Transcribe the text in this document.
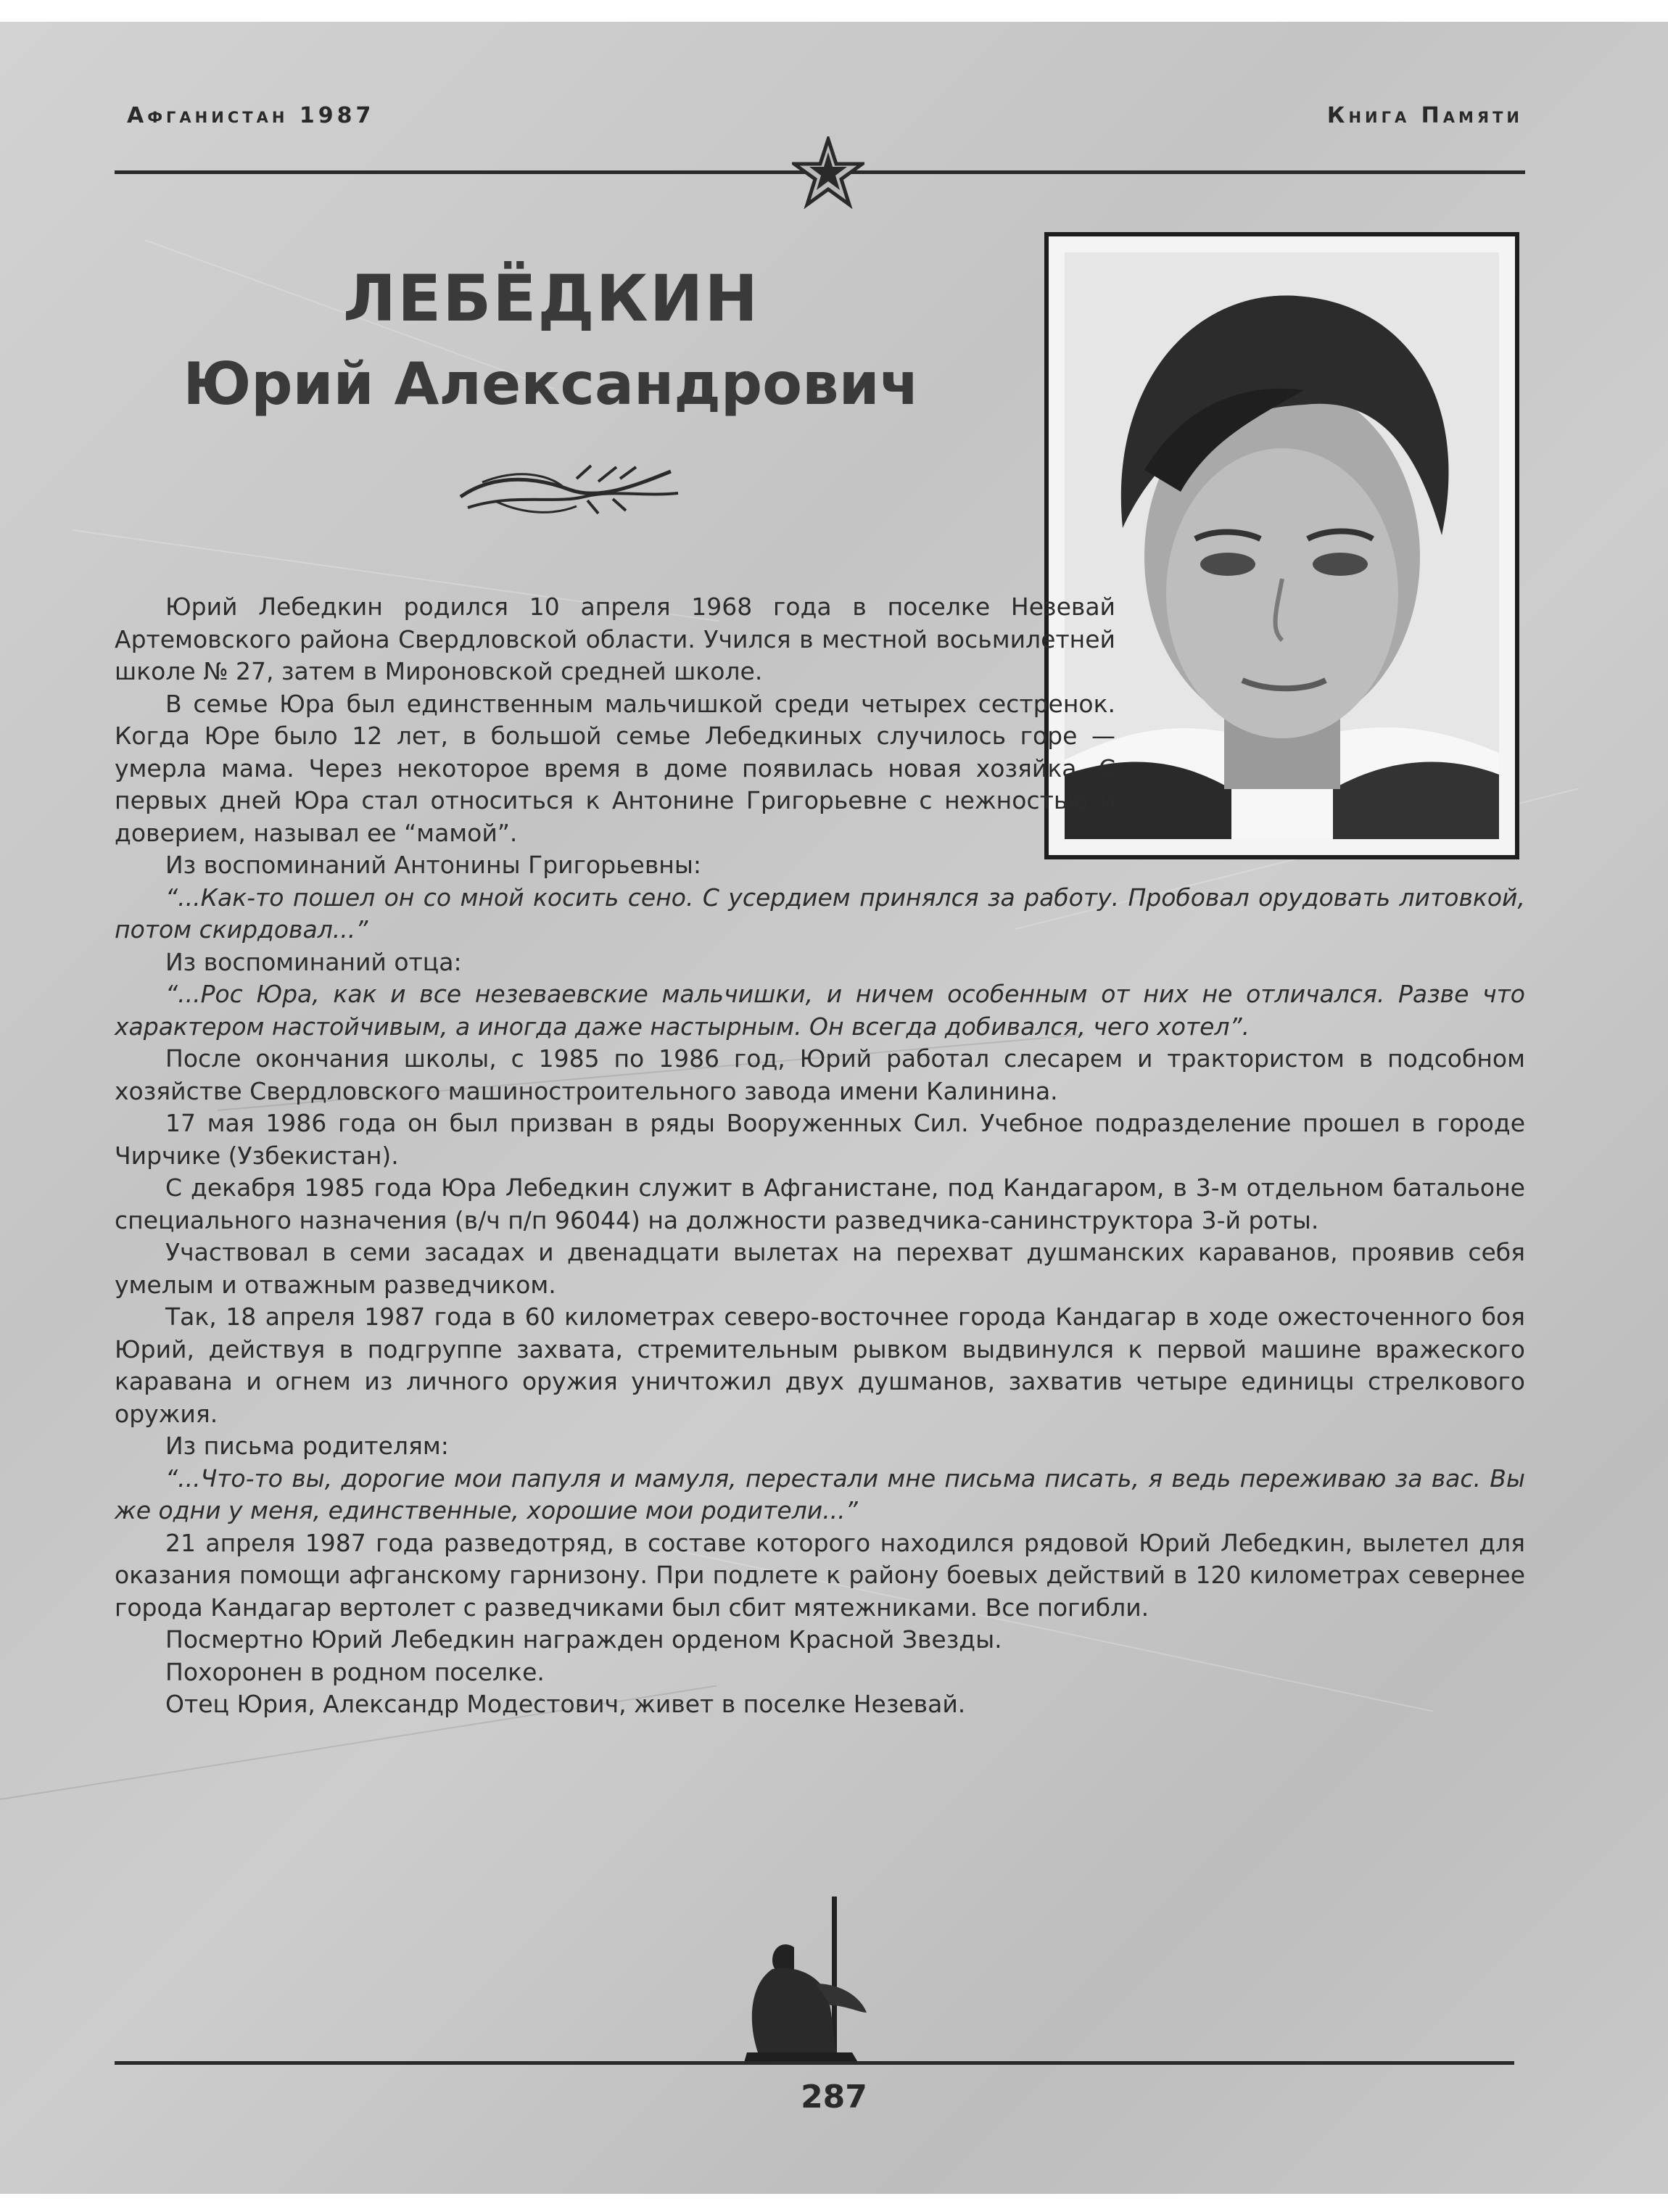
Афганистан 1987	Книга Памяти
ЛЕБЁДКИН
Юрий Александрович

Юрий Лебедкин родился 10 апреля 1968 года в поселке Незевай Артемовского района Свердловской области. Учился в местной восьмилетней школе № 27, затем в Мироновской средней школе.

В семье Юра был единственным мальчишкой среди четырех сестренок. Когда Юре было 12 лет, в большой семье Лебедкиных случилось горе — умерла мама. Через некоторое время в доме появилась новая хозяйка. С первых дней Юра стал относиться к Антонине Григорьевне с нежностью и доверием, называл ее “мамой”.

Из воспоминаний Антонины Григорьевны:

“...Как-то пошел он со мной косить сено. С усердием принялся за работу. Пробовал орудовать литовкой, потом скирдовал...”

Из воспоминаний отца:

“...Рос Юра, как и все незеваевские мальчишки, и ничем особенным от них не отличался. Разве что характером настойчивым, а иногда даже настырным. Он всегда добивался, чего хотел”.

После окончания школы, с 1985 по 1986 год, Юрий работал слесарем и трактористом в подсобном хозяйстве Свердловского машиностроительного завода имени Калинина.

17 мая 1986 года он был призван в ряды Вооруженных Сил. Учебное подразделение прошел в городе Чирчике (Узбекистан).

С декабря 1985 года Юра Лебедкин служит в Афганистане, под Кандагаром, в 3-м отдельном батальоне специального назначения (в/ч п/п 96044) на должности разведчика-санинструктора 3-й роты.

Участвовал в семи засадах и двенадцати вылетах на перехват душманских караванов, проявив себя умелым и отважным разведчиком.

Так, 18 апреля 1987 года в 60 километрах северо-восточнее города Кандагар в ходе ожесточенного боя Юрий, действуя в подгруппе захвата, стремительным рывком выдвинулся к первой машине вражеского каравана и огнем из личного оружия уничтожил двух душманов, захватив четыре единицы стрелкового оружия.

Из письма родителям:

“...Что-то вы, дорогие мои папуля и мамуля, перестали мне письма писать, я ведь переживаю за вас. Вы же одни у меня, единственные, хорошие мои родители...”

21 апреля 1987 года разведотряд, в составе которого находился рядовой Юрий Лебедкин, вылетел для оказания помощи афганскому гарнизону. При подлете к району боевых действий в 120 километрах севернее города Кандагар вертолет с разведчиками был сбит мятежниками. Все погибли.

Посмертно Юрий Лебедкин награжден орденом Красной Звезды.

Похоронен в родном поселке.

Отец Юрия, Александр Модестович, живет в поселке Незевай.

287
